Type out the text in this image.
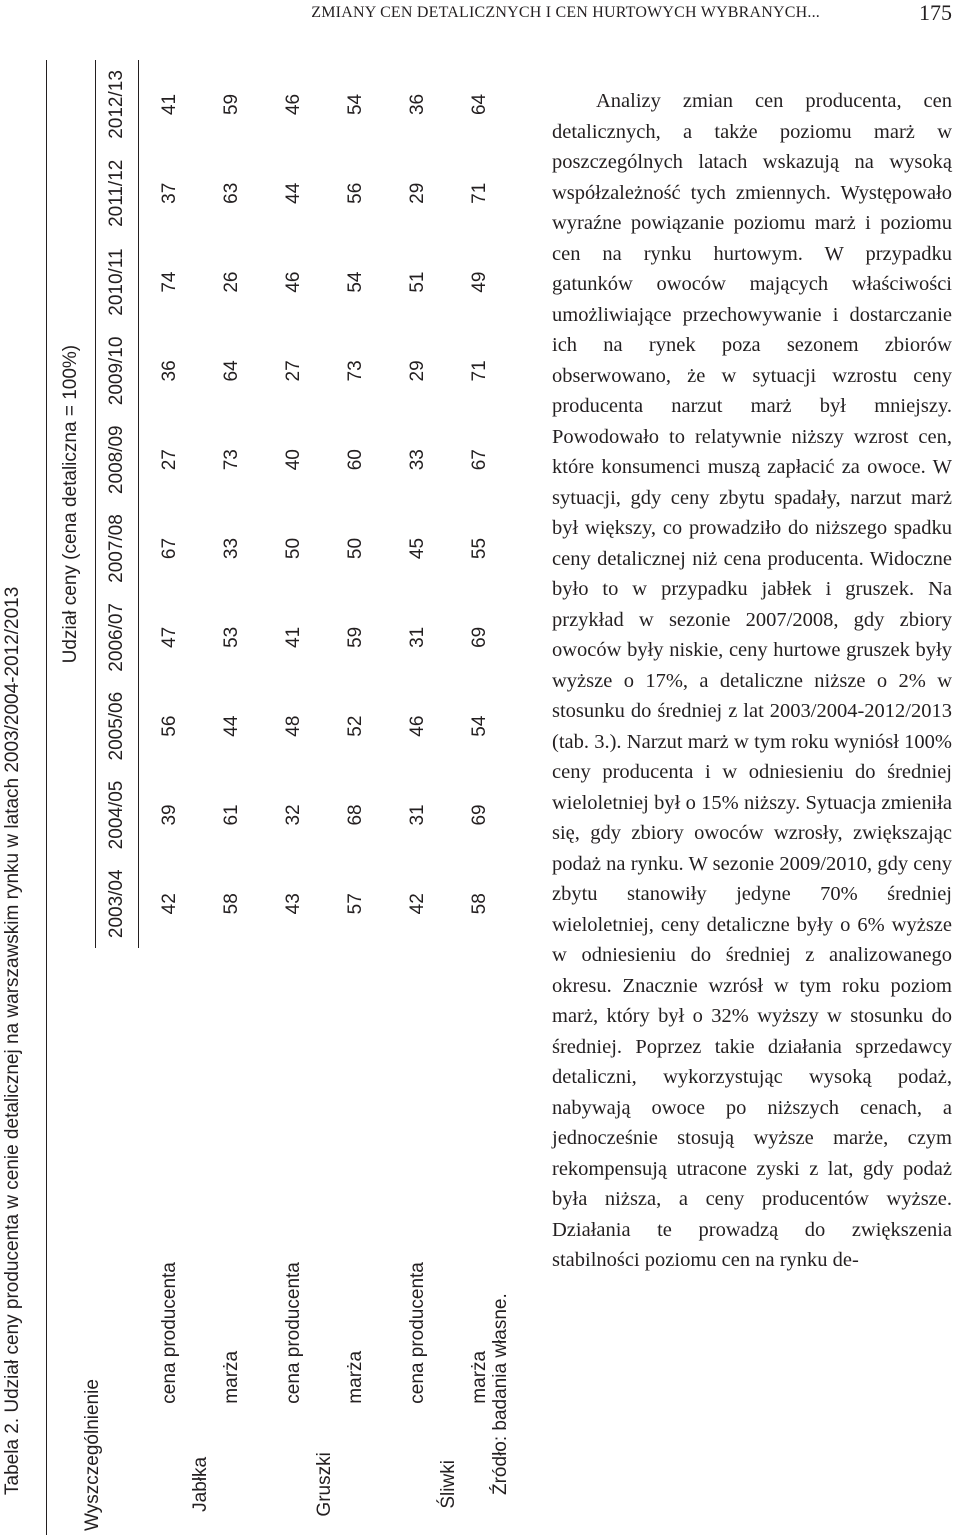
ZMIANY CEN DETALICZNYCH I CEN HURTOWYCH WYBRANYCH...	175
Tabela 2. Udział ceny producenta w cenie detalicznej na warszawskim rynku w latach 2003/2004-2012/2013	Wyszczególnienie		Udział ceny (cena detaliczna = 100%)									
		2003/04	2004/05	2005/06	2006/07	2007/08	2008/09	2009/10	2010/11	2011/12	2012/13
Jabłka	cena producenta	42	39	56	47	67	27	36	74	37	41
	marża	58	61	44	53	33	73	64	26	63	59
Gruszki	cena producenta	43	32	48	41	50	40	27	46	44	46
	marża	57	68	52	59	50	60	73	54	56	54
Śliwki	cena producenta	42	31	46	31	45	33	29	51	29	36
	marża	58	69	54	69	55	67	71	49	71	64

Źródło: badania własne.

Analizy zmian cen producenta, cen detalicznych, a także poziomu marż w poszczególnych latach wskazują na wysoką współzależność tych zmiennych. Występowało wyraźne powiązanie poziomu marż i poziomu cen na rynku hurtowym. W przypadku gatunków owoców mających właściwości umożliwiające przechowywanie i dostarczanie ich na rynek poza sezonem zbiorów obserwowano, że w sytuacji wzrostu ceny producenta narzut marż był mniejszy. Powodowało to relatywnie niższy wzrost cen, które konsumenci muszą zapłacić za owoce. W sytuacji, gdy ceny zbytu spadały, narzut marż był większy, co prowadziło do niższego spadku ceny detalicznej niż cena producenta. Widoczne było to w przypadku jabłek i gruszek. Na przykład w sezonie 2007/2008, gdy zbiory owoców były niskie, ceny hurtowe gruszek były wyższe o 17%, a detaliczne niższe o 2% w stosunku do średniej z lat 2003/2004-2012/2013 (tab. 3.). Narzut marż w tym roku wyniósł 100% ceny producenta i w odniesieniu do średniej wieloletniej był o 15% niższy. Sytuacja zmieniła się, gdy zbiory owoców wzrosły, zwiększając podaż na rynku. W sezonie 2009/2010, gdy ceny zbytu stanowiły jedyne 70% średniej wieloletniej, ceny detaliczne były o 6% wyższe w odniesieniu do średniej z analizowanego okresu. Znacznie wzrósł w tym roku poziom marż, który był o 32% wyższy w stosunku do średniej. Poprzez takie działania sprzedawcy detaliczni, wykorzystując wysoką podaż, nabywają owoce po niższych cenach, a jednocześnie stosują wyższe marże, czym rekompensują utracone zyski z lat, gdy podaż była niższa, a ceny producentów wyższe. Działania te prowadzą do zwiększenia stabilności poziomu cen na rynku de-
